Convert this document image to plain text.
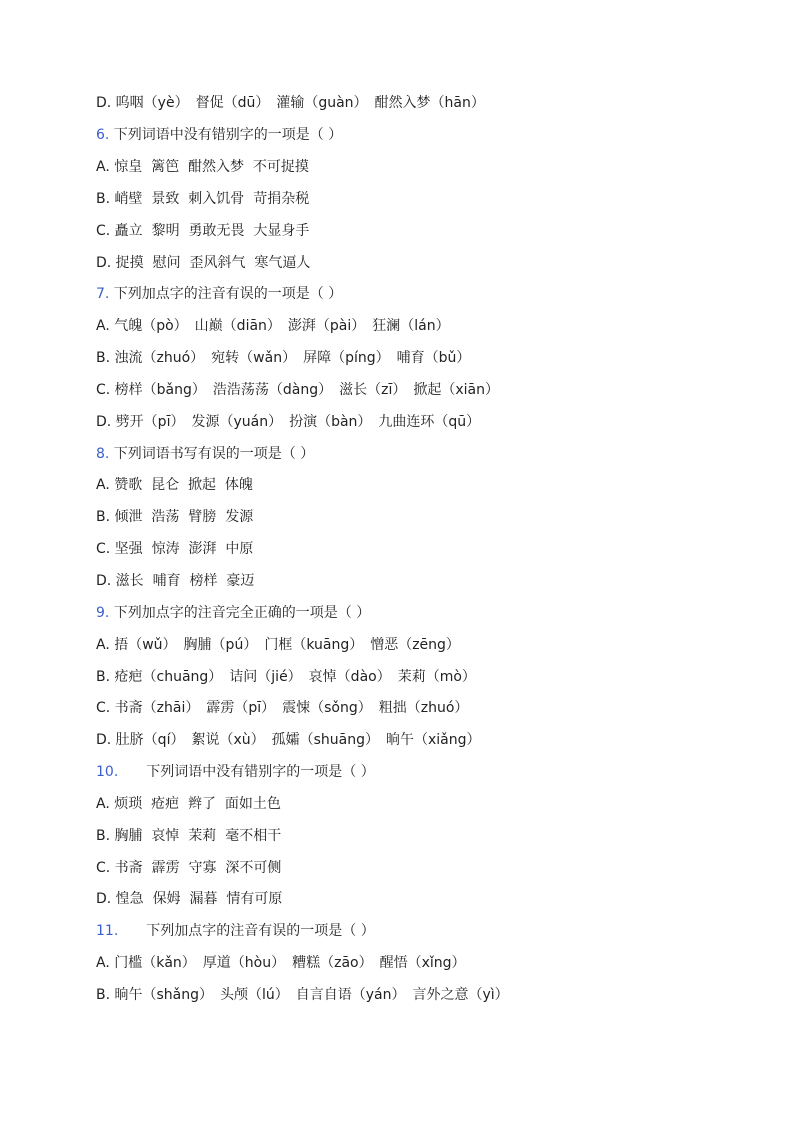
D. 呜咽（yè）　督促（dū）　灌输（guàn）　酣然入梦（hān）
6. 下列词语中没有错别字的一项是（ ）
A. 惊皇  篱笆  酣然入梦  不可捉摸
B. 峭壁  景致  刺入饥骨  苛捐杂税
C. 矗立  黎明  勇敢无畏  大显身手
D. 捉摸  慰问  歪风斜气  寒气逼人
7. 下列加点字的注音有误的一项是（ ）
A. 气魄（pò）　山巅（diān）　澎湃（pài）　狂澜（lán）
B. 浊流（zhuó）　宛转（wǎn）　屏障（píng）　哺育（bǔ）
C. 榜样（bǎng）　浩浩荡荡（dàng）　滋长（zī）　掀起（xiān）
D. 劈开（pī）　发源（yuán）　扮演（bàn）　九曲连环（qū）
8. 下列词语书写有误的一项是（ ）
A. 赞歌  昆仑  掀起  体魄
B. 倾泄  浩荡  臂膀  发源
C. 坚强  惊涛  澎湃  中原
D. 滋长  哺育  榜样  豪迈
9. 下列加点字的注音完全正确的一项是（ ）
A. 捂（wǔ）　胸脯（pú）　门框（kuāng）　憎恶（zēng）
B. 疮疤（chuāng）　诘问（jié）　哀悼（dào）　茉莉（mò）
C. 书斋（zhāi）　霹雳（pī）　震悚（sǒng）　粗拙（zhuó）
D. 肚脐（qí）　絮说（xù）　孤孀（shuāng）　晌午（xiǎng）
10.　　下列词语中没有错别字的一项是（ ）
A. 烦琐  疮疤  辫了  面如土色
B. 胸脯  哀悼  茉莉  毫不相干
C. 书斋  霹雳  守寡  深不可侧
D. 惶急  保姆  漏暮  情有可原
11.　　下列加点字的注音有误的一项是（ ）
A. 门槛（kǎn）　厚道（hòu）　糟糕（zāo）　醒悟（xǐng）
B. 晌午（shǎng）　头颅（lú）　自言自语（yán）　言外之意（yì）
